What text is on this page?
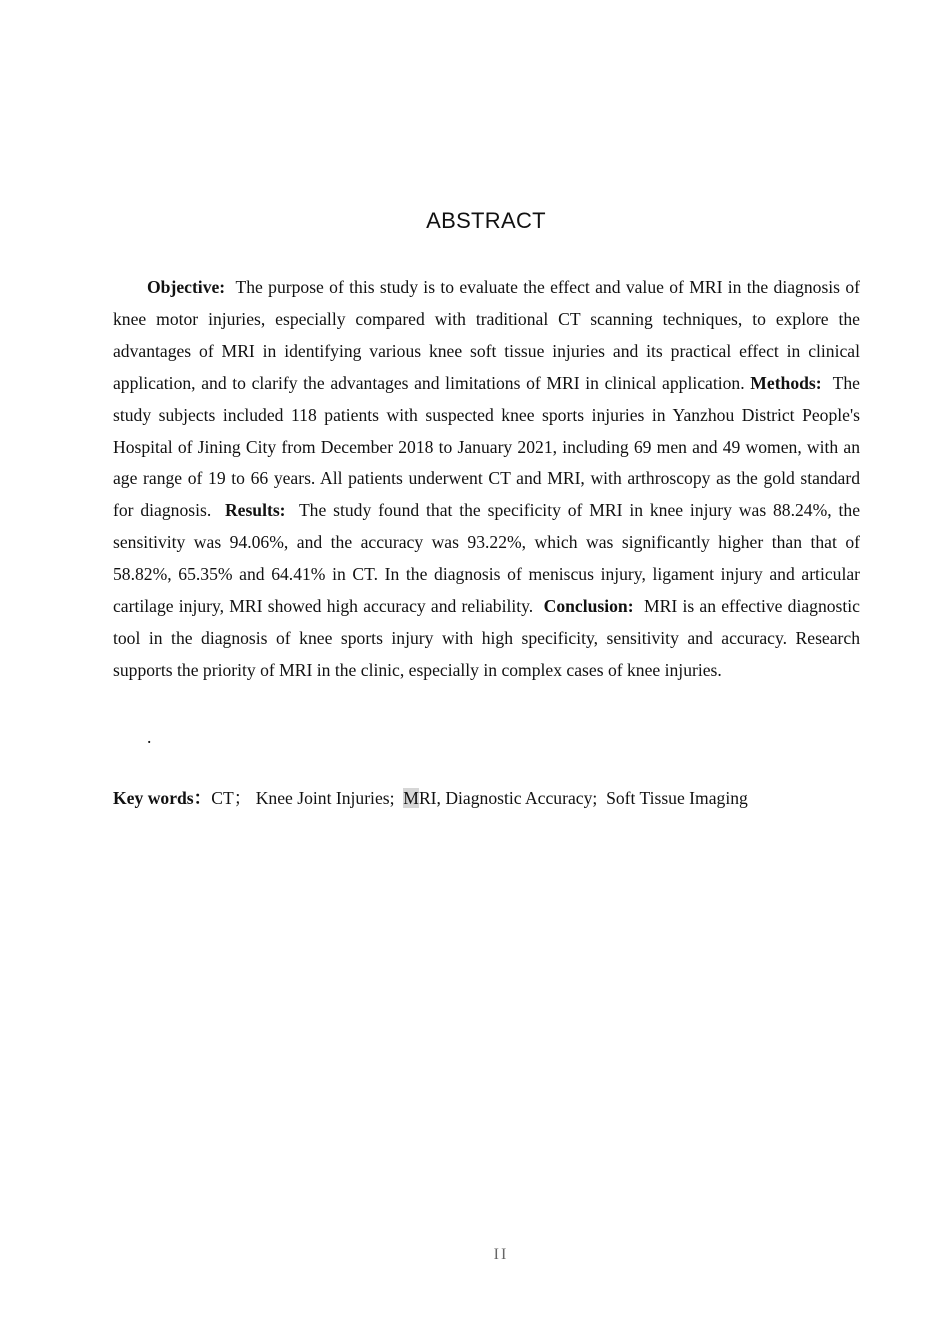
ABSTRACT

Objective: The purpose of this study is to evaluate the effect and value of MRI in the diagnosis of knee motor injuries, especially compared with traditional CT scanning techniques, to explore the advantages of MRI in identifying various knee soft tissue injuries and its practical effect in clinical application, and to clarify the advantages and limitations of MRI in clinical application. Methods: The study subjects included 118 patients with suspected knee sports injuries in Yanzhou District People's Hospital of Jining City from December 2018 to January 2021, including 69 men and 49 women, with an age range of 19 to 66 years. All patients underwent CT and MRI, with arthroscopy as the gold standard for diagnosis. Results: The study found that the specificity of MRI in knee injury was 88.24%, the sensitivity was 94.06%, and the accuracy was 93.22%, which was significantly higher than that of 58.82%, 65.35% and 64.41% in CT. In the diagnosis of meniscus injury, ligament injury and articular cartilage injury, MRI showed high accuracy and reliability. Conclusion: MRI is an effective diagnostic tool in the diagnosis of knee sports injury with high specificity, sensitivity and accuracy. Research supports the priority of MRI in the clinic, especially in complex cases of knee injuries.

.
Key words：CT； Knee Joint Injuries; MRI, Diagnostic Accuracy; Soft Tissue Imaging
II
